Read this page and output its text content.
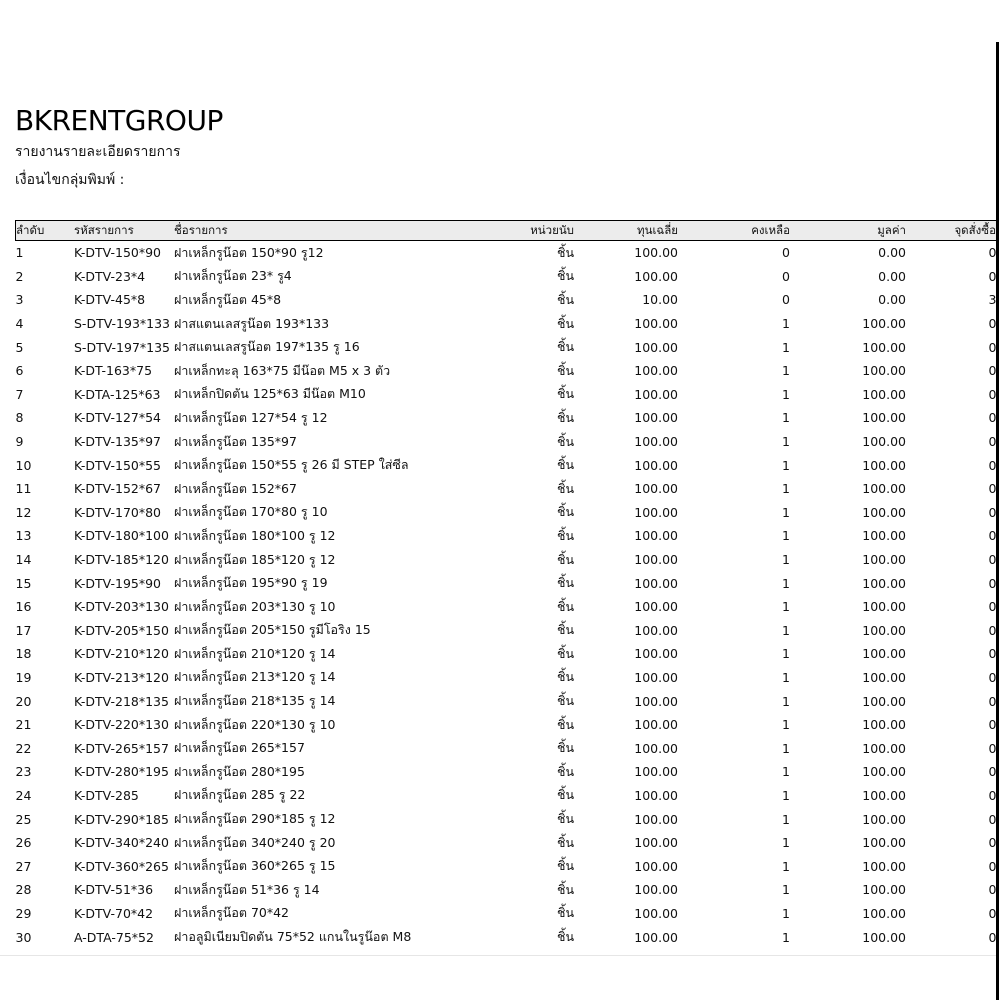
BKRENTGROUP
รายงานรายละเอียดรายการ
เงื่อนไขกลุ่มพิมพ์ :
ลำดับ	รหัสรายการ	ชื่อรายการ	หน่วยนับ	ทุนเฉลี่ย	คงเหลือ	มูลค่า	จุดสั่งซื้อ
1	K-DTV-150*90	ฝาเหล็กรูน๊อต 150*90 รู12	ชิ้น	100.00	0	0.00	0
2	K-DTV-23*4	ฝาเหล็กรูน๊อต 23* รู4	ชิ้น	100.00	0	0.00	0
3	K-DTV-45*8	ฝาเหล็กรูน๊อต 45*8	ชิ้น	10.00	0	0.00	3
4	S-DTV-193*133	ฝาสแตนเลสรูน๊อต 193*133	ชิ้น	100.00	1	100.00	0
5	S-DTV-197*135	ฝาสแตนเลสรูน๊อต 197*135 รู 16	ชิ้น	100.00	1	100.00	0
6	K-DT-163*75	ฝาเหล็กทะลุ 163*75 มีน๊อต M5 x 3 ตัว	ชิ้น	100.00	1	100.00	0
7	K-DTA-125*63	ฝาเหล็กปิดตัน 125*63 มีน๊อต M10	ชิ้น	100.00	1	100.00	0
8	K-DTV-127*54	ฝาเหล็กรูน๊อต 127*54 รู 12	ชิ้น	100.00	1	100.00	0
9	K-DTV-135*97	ฝาเหล็กรูน๊อต 135*97	ชิ้น	100.00	1	100.00	0
10	K-DTV-150*55	ฝาเหล็กรูน๊อต 150*55 รู 26 มี STEP ใส่ซีล	ชิ้น	100.00	1	100.00	0
11	K-DTV-152*67	ฝาเหล็กรูน๊อต 152*67	ชิ้น	100.00	1	100.00	0
12	K-DTV-170*80	ฝาเหล็กรูน๊อต 170*80 รู 10	ชิ้น	100.00	1	100.00	0
13	K-DTV-180*100	ฝาเหล็กรูน๊อต 180*100 รู 12	ชิ้น	100.00	1	100.00	0
14	K-DTV-185*120	ฝาเหล็กรูน๊อต 185*120 รู 12	ชิ้น	100.00	1	100.00	0
15	K-DTV-195*90	ฝาเหล็กรูน๊อต 195*90 รู 19	ชิ้น	100.00	1	100.00	0
16	K-DTV-203*130	ฝาเหล็กรูน๊อต 203*130 รู 10	ชิ้น	100.00	1	100.00	0
17	K-DTV-205*150	ฝาเหล็กรูน๊อต 205*150 รูมีโอริง 15	ชิ้น	100.00	1	100.00	0
18	K-DTV-210*120	ฝาเหล็กรูน๊อต 210*120 รู 14	ชิ้น	100.00	1	100.00	0
19	K-DTV-213*120	ฝาเหล็กรูน๊อต 213*120 รู 14	ชิ้น	100.00	1	100.00	0
20	K-DTV-218*135	ฝาเหล็กรูน๊อต 218*135 รู 14	ชิ้น	100.00	1	100.00	0
21	K-DTV-220*130	ฝาเหล็กรูน๊อต 220*130 รู 10	ชิ้น	100.00	1	100.00	0
22	K-DTV-265*157	ฝาเหล็กรูน๊อต 265*157	ชิ้น	100.00	1	100.00	0
23	K-DTV-280*195	ฝาเหล็กรูน๊อต 280*195	ชิ้น	100.00	1	100.00	0
24	K-DTV-285	ฝาเหล็กรูน๊อต 285 รู 22	ชิ้น	100.00	1	100.00	0
25	K-DTV-290*185	ฝาเหล็กรูน๊อต 290*185 รู 12	ชิ้น	100.00	1	100.00	0
26	K-DTV-340*240	ฝาเหล็กรูน๊อต 340*240 รู 20	ชิ้น	100.00	1	100.00	0
27	K-DTV-360*265	ฝาเหล็กรูน๊อต 360*265 รู 15	ชิ้น	100.00	1	100.00	0
28	K-DTV-51*36	ฝาเหล็กรูน๊อต 51*36 รู 14	ชิ้น	100.00	1	100.00	0
29	K-DTV-70*42	ฝาเหล็กรูน๊อต 70*42	ชิ้น	100.00	1	100.00	0
30	A-DTA-75*52	ฝาอลูมิเนียมปิดตัน 75*52 แกนในรูน๊อต M8	ชิ้น	100.00	1	100.00	0
